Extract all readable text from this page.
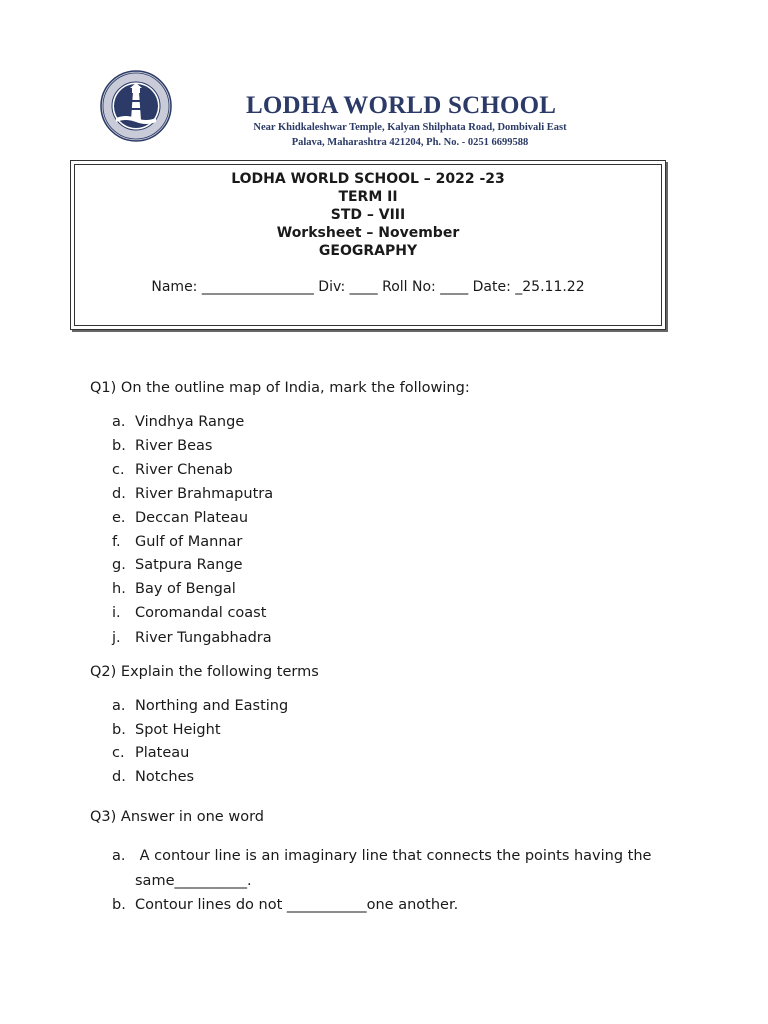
LODHA WORLD SCHOOL
Near Khidkaleshwar Temple, Kalyan Shilphata Road, Dombivali East
Palava, Maharashtra 421204, Ph. No. - 0251 6699588
LODHA WORLD SCHOOL – 2022 -23
TERM II
STD – VIII
Worksheet – November
GEOGRAPHY
Name: ________________ Div: ____ Roll No: ____ Date: _25.11.22
Q1) On the outline map of India, mark the following:
a. Vindhya Range
b. River Beas
c. River Chenab
d. River Brahmaputra
e. Deccan Plateau
f. Gulf of Mannar
g. Satpura Range
h. Bay of Bengal
i. Coromandal coast
j. River Tungabhadra
Q2) Explain the following terms
a. Northing and Easting
b. Spot Height
c. Plateau
d. Notches
Q3) Answer in one word
a. A contour line is an imaginary line that connects the points having the
same__________.
b. Contour lines do not ___________one another.
